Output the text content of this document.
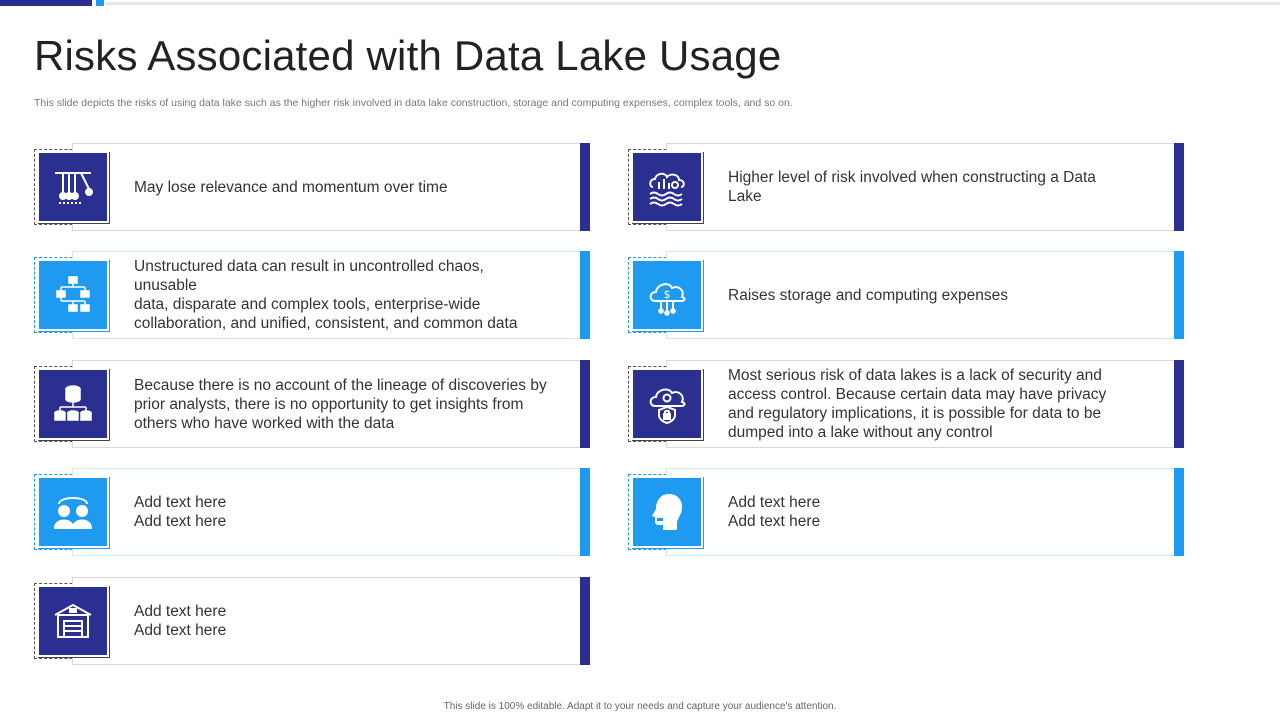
Risks Associated with Data Lake Usage

This slide depicts the risks of using data lake such as the higher risk involved in data lake construction, storage and computing expenses, complex tools, and so on.

May lose relevance and momentum over time
Unstructured data can result in uncontrolled chaos, unusable
data, disparate and complex tools, enterprise-wide
collaboration, and unified, consistent, and common data
Because there is no account of the lineage of discoveries by
prior analysts, there is no opportunity to get insights from
others who have worked with the data
Add text here
Add text here
Add text here
Add text here
Higher level of risk involved when constructing a Data
Lake
$	Raises storage and computing expenses
Most serious risk of data lakes is a lack of security and
access control. Because certain data may have privacy
and regulatory implications, it is possible for data to be
dumped into a lake without any control
Add text here
Add text here
This slide is 100% editable. Adapt it to your needs and capture your audience's attention.
